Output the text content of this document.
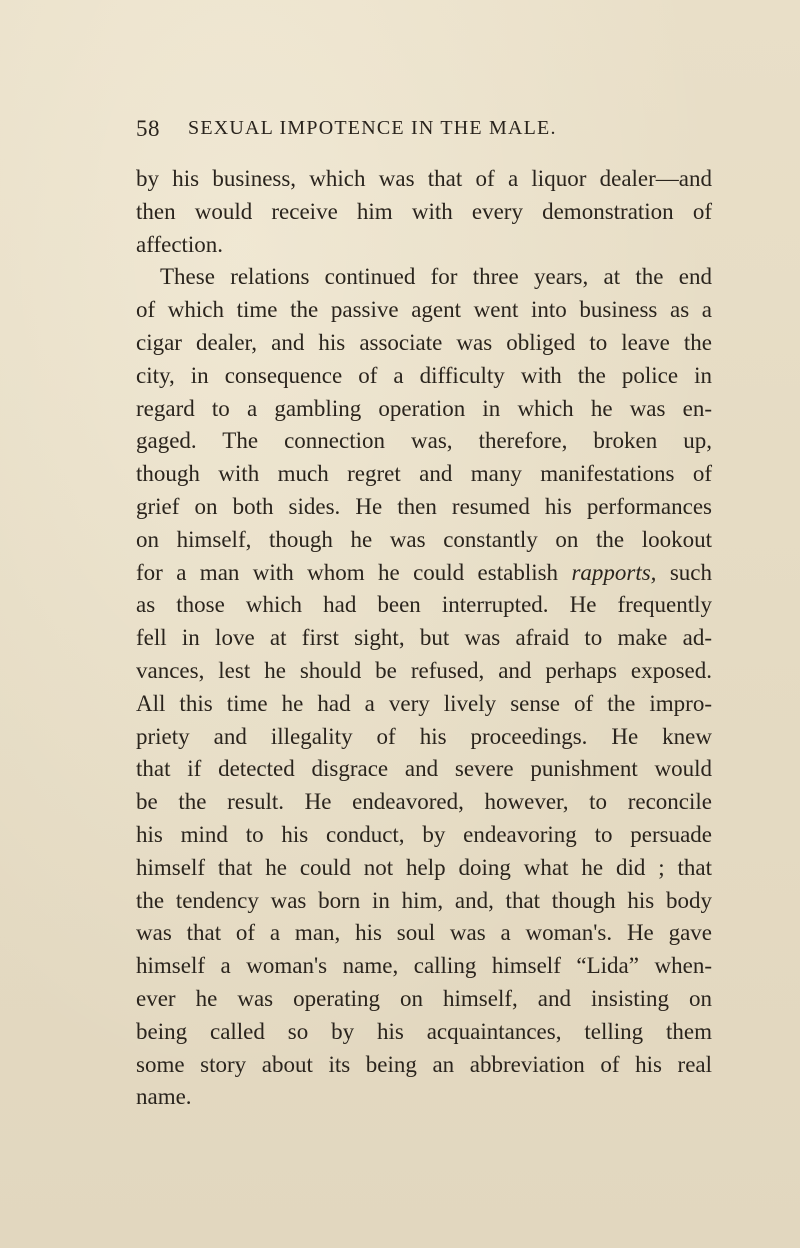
58 SEXUAL IMPOTENCE IN THE MALE.
by his business, which was that of a liquor dealer—and
then would receive him with every demonstration of
affection.
These relations continued for three years, at the end
of which time the passive agent went into business as a
cigar dealer, and his associate was obliged to leave the
city, in consequence of a difficulty with the police in
regard to a gambling operation in which he was en-
gaged. The connection was, therefore, broken up,
though with much regret and many manifestations of
grief on both sides. He then resumed his performances
on himself, though he was constantly on the lookout
for a man with whom he could establish rapports, such
as those which had been interrupted. He frequently
fell in love at first sight, but was afraid to make ad-
vances, lest he should be refused, and perhaps exposed.
All this time he had a very lively sense of the impro-
priety and illegality of his proceedings. He knew
that if detected disgrace and severe punishment would
be the result. He endeavored, however, to reconcile
his mind to his conduct, by endeavoring to persuade
himself that he could not help doing what he did ; that
the tendency was born in him, and, that though his body
was that of a man, his soul was a woman's. He gave
himself a woman's name, calling himself “Lida” when-
ever he was operating on himself, and insisting on
being called so by his acquaintances, telling them
some story about its being an abbreviation of his real
name.
